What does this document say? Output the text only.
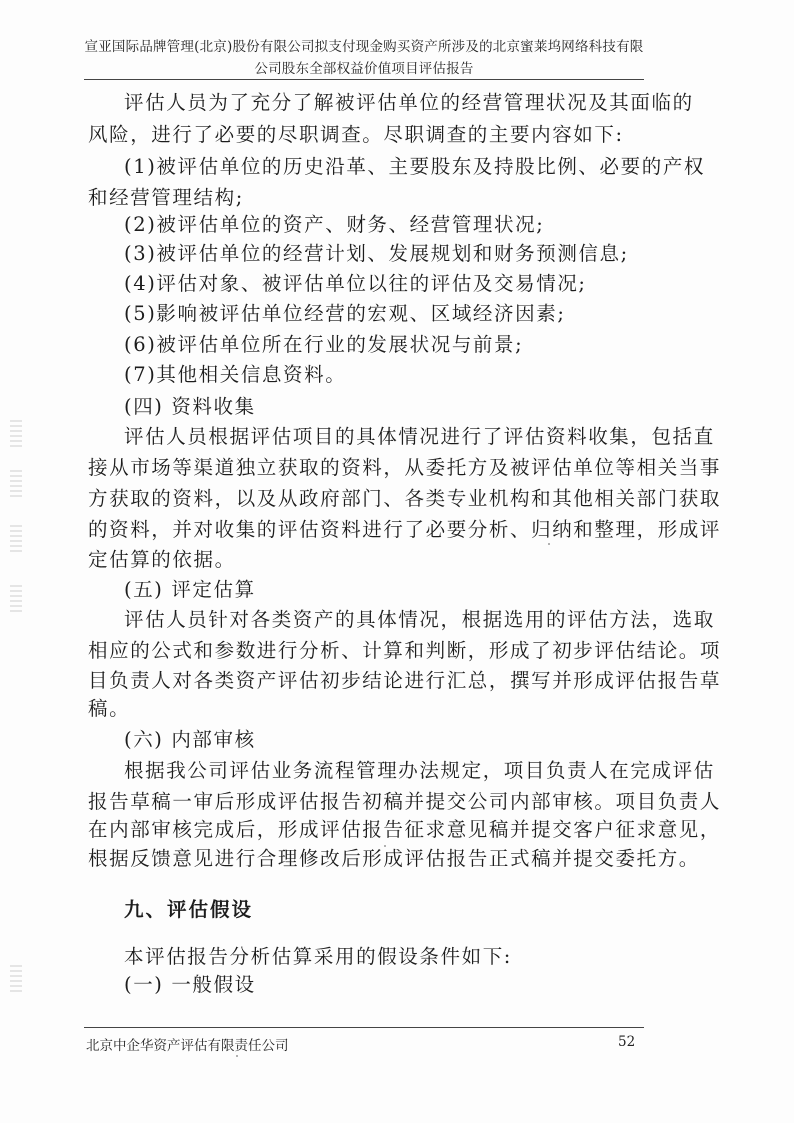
宣亚国际品牌管理(北京)股份有限公司拟支付现金购买资产所涉及的北京蜜莱坞网络科技有限
公司股东全部权益价值项目评估报告
评估人员为了充分了解被评估单位的经营管理状况及其面临的
风险，进行了必要的尽职调查。尽职调查的主要内容如下:
(1)被评估单位的历史沿革、主要股东及持股比例、必要的产权
和经营管理结构;
(2)被评估单位的资产、财务、经营管理状况;
(3)被评估单位的经营计划、发展规划和财务预测信息;
(4)评估对象、被评估单位以往的评估及交易情况;
(5)影响被评估单位经营的宏观、区域经济因素;
(6)被评估单位所在行业的发展状况与前景;
(7)其他相关信息资料。
(四) 资料收集
评估人员根据评估项目的具体情况进行了评估资料收集，包括直
接从市场等渠道独立获取的资料，从委托方及被评估单位等相关当事
方获取的资料，以及从政府部门、各类专业机构和其他相关部门获取
的资料，并对收集的评估资料进行了必要分析、归纳和整理，形成评
定估算的依据。
(五) 评定估算
评估人员针对各类资产的具体情况，根据选用的评估方法，选取
相应的公式和参数进行分析、计算和判断，形成了初步评估结论。项
目负责人对各类资产评估初步结论进行汇总，撰写并形成评估报告草
稿。
(六) 内部审核
根据我公司评估业务流程管理办法规定，项目负责人在完成评估
报告草稿一审后形成评估报告初稿并提交公司内部审核。项目负责人
在内部审核完成后，形成评估报告征求意见稿并提交客户征求意见，
根据反馈意见进行合理修改后形成评估报告正式稿并提交委托方。
九、评估假设
本评估报告分析估算采用的假设条件如下:
(一) 一般假设
北京中企华资产评估有限责任公司	52
